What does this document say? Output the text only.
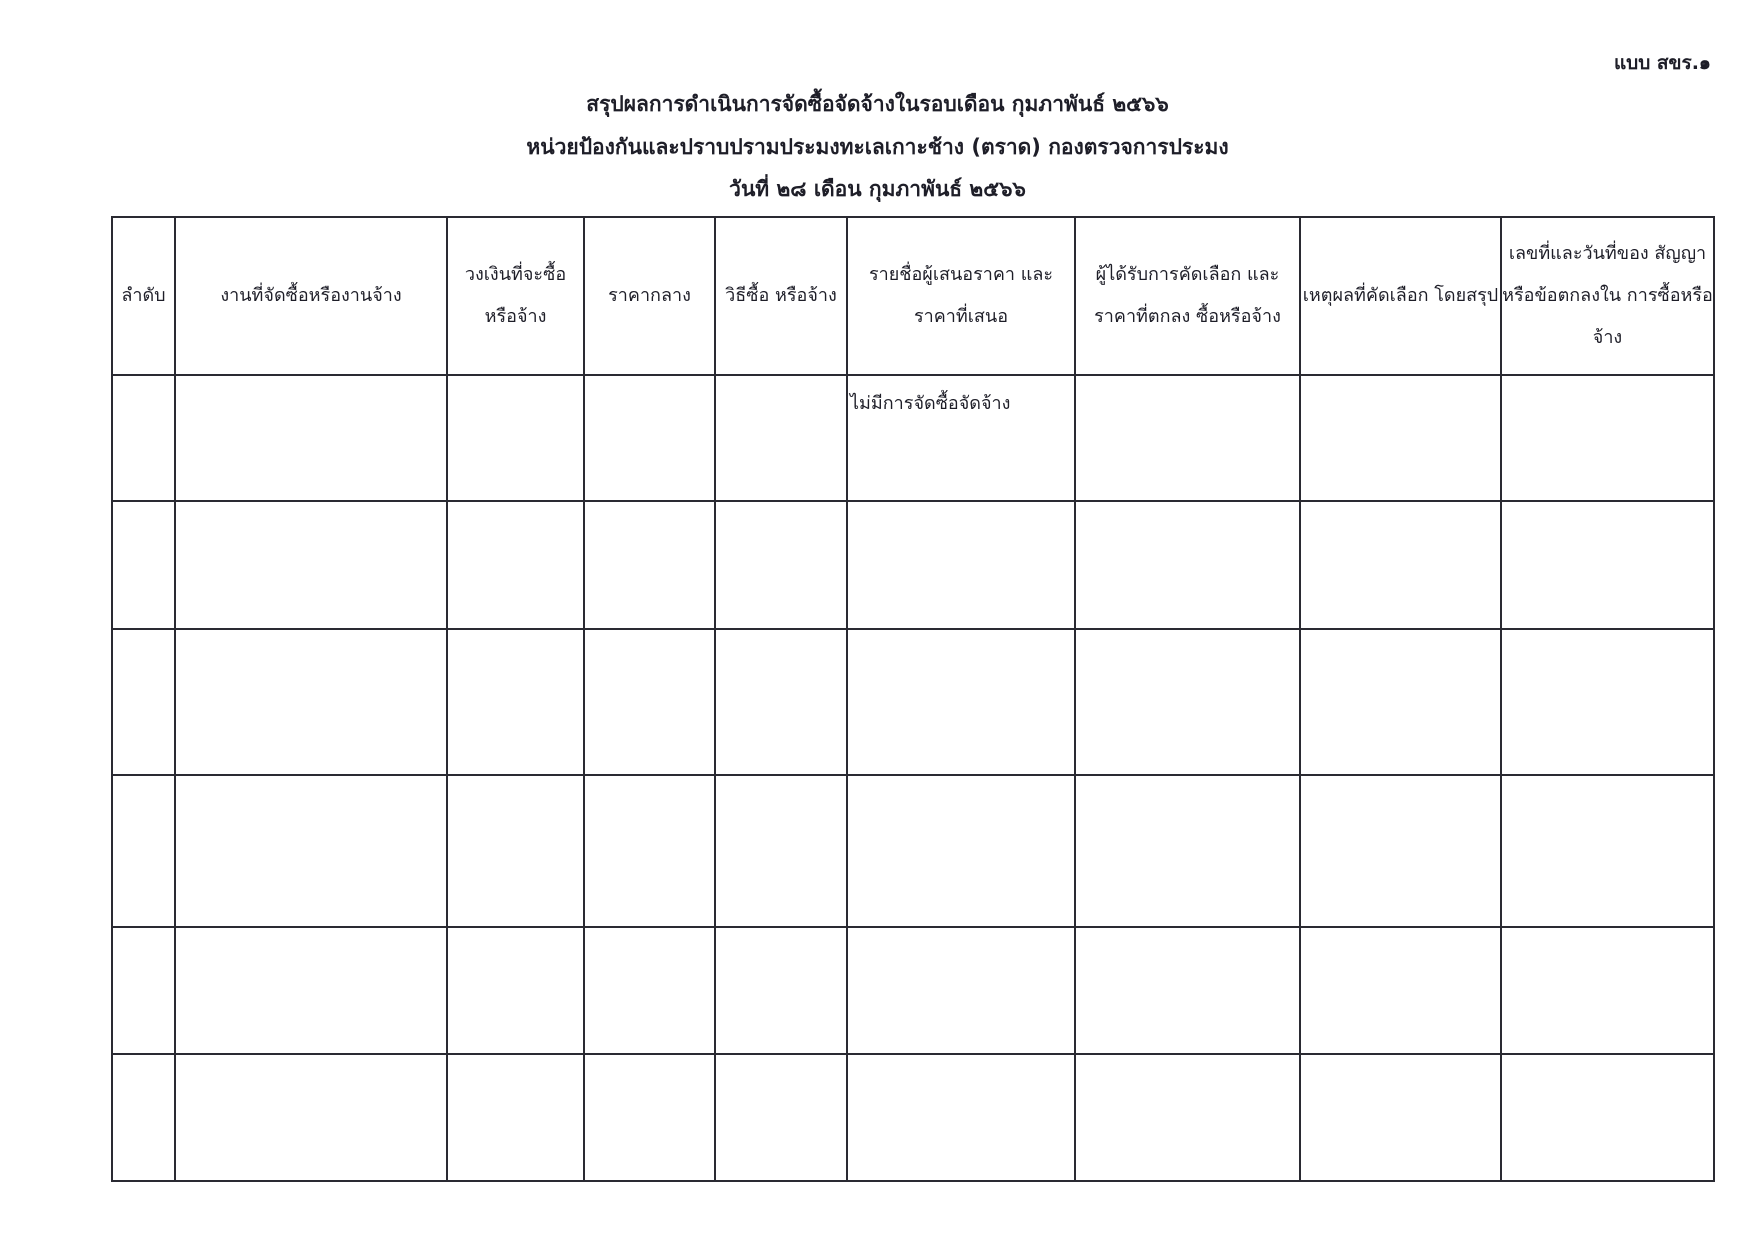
แบบ สขร.๑
สรุปผลการดำเนินการจัดซื้อจัดจ้างในรอบเดือน กุมภาพันธ์ ๒๕๖๖
หน่วยป้องกันและปราบปรามประมงทะเลเกาะช้าง (ตราด) กองตรวจการประมง
วันที่ ๒๘ เดือน กุมภาพันธ์ ๒๕๖๖
ลำดับ	งานที่จัดซื้อหรืองานจ้าง	วงเงินที่จะซื้อ หรือจ้าง	ราคากลาง	วิธีซื้อ หรือจ้าง	รายชื่อผู้เสนอราคา และราคาที่เสนอ	ผู้ได้รับการคัดเลือก และราคาที่ตกลง ซื้อหรือจ้าง	เหตุผลที่คัดเลือก โดยสรุป	เลขที่และวันที่ของ สัญญาหรือข้อตกลงใน การซื้อหรือจ้าง

					ไม่มีการจัดซื้อจัดจ้าง			
